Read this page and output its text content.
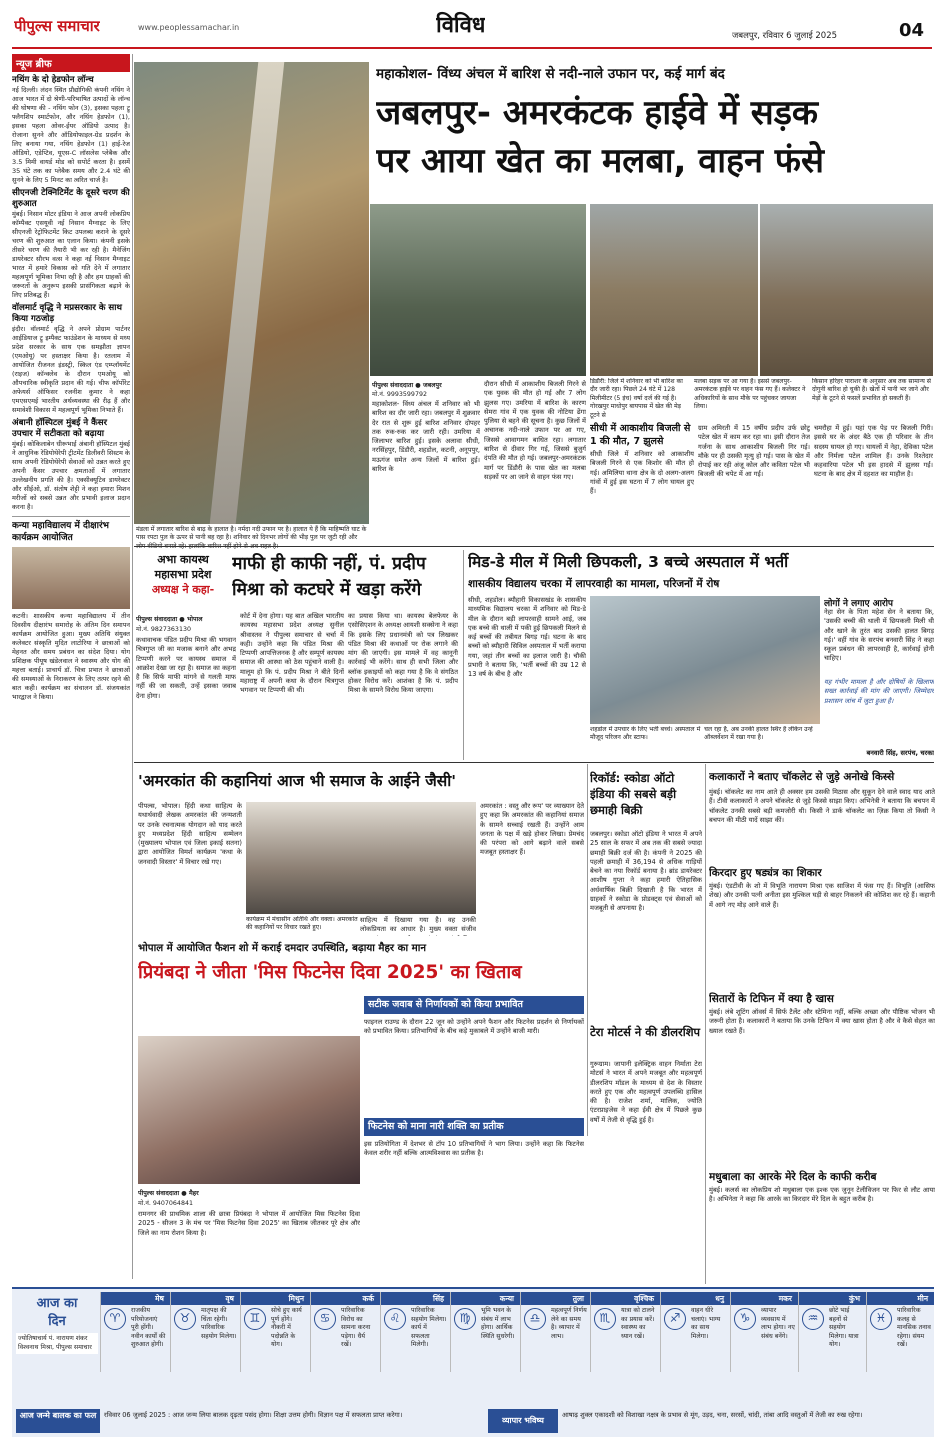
पीपुल्स समाचार	www.peoplessamachar.in	विविध	जबलपुर, रविवार 6 जुलाई 2025	04
न्यूज ब्रीफ
नथिंग के दो हेडफोन लॉन्च
नई दिल्ली। लंदन स्थित प्रौद्योगिकी कंपनी नथिंग ने आज भारत में दो श्रेणी-परिभाषित उत्पादों के लॉन्च की घोषणा की - नथिंग फोन (3), इसका पहला ट्रू फ्लैगशिप स्मार्टफोन, और नथिंग हेडफोन (1), इसका पहला ओवर-ईयर ऑडियो उत्पाद है। रोजाना सुनने और ऑडियोफाइल-ग्रेड प्रदर्शन के लिए बनाया गया, नथिंग हेडफोन (1) हाई-रेज ऑडियो, एडेप्टिव, यूएस-C लॉसलेस प्लेबैक और 3.5 मिमी वायर्ड मोड को सपोर्ट करता है। इसमें 35 घंटे तक का प्लेबैक समय और 2.4 घंटे की सुनने के लिए 5 मिनट का त्वरित चार्ज है।
सीएनजी टेक्निटिमेंट के दूसरे चरण की शुरुआत
मुंबई। निसान मोटर इंडिया ने आज अपनी लोकप्रिय कॉम्पैक्ट एसयूवी नई निसान मैग्नाइट के लिए सीएनजी रेट्रोफिटमेंट किट उपलब्ध कराने के दूसरे चरण की शुरुआत का एलान किया। कंपनी इसके तीसरे चरण की तैयारी भी कर रही है। मैनेजिंग डायरेक्टर सौरभ वत्स ने कहा नई निसान मैग्नाइट भारत में हमारे विकास को गति देने में लगातार महत्वपूर्ण भूमिका निभा रही है और हम ग्राहकों की जरूरतों के अनुरूप इसकी प्रासंगिकता बढ़ाने के लिए प्रतिबद्ध हैं।
वॉलमार्ट वृद्धि ने मप्रसरकार के साथ किया गठजोड़
इंदौर। वॉलमार्ट वृद्धि ने अपने प्रोग्राम पार्टनर आईडियाज ट्रू इम्पैक्ट फाउंडेशन के माध्यम से मध्य प्रदेश सरकार के साथ एक समझौता ज्ञापन (एमओयू) पर हस्ताक्षर किया है। रतलाम में आयोजित रीजनल इंडस्ट्री, स्किल एंड एम्प्लॉयमेंट (राइज) कॉन्क्लेव के दौरान एमओयू को औपचारिक स्वीकृति प्रदान की गई। चीफ कॉर्पोरेट अफेयर्स ऑफिसर रजनीश कुमार ने कहा एमएसएमई भारतीय अर्थव्यवस्था की रीढ़ हैं और समावेशी विकास में महत्वपूर्ण भूमिका निभाते हैं।
अंबानी हॉस्पिटल मुंबई ने कैंसर उपचार में सटीकता को बढ़ाया
मुंबई। कोकिलाबेन धीरूभाई अंबानी हॉस्पिटल मुंबई ने आधुनिक रेडियोथेरेपी ट्रीटमेंट डिलीवरी सिस्टम के साथ अपनी रेडियोथेरेपी सेवाओं को उन्नत करते हुए अपनी कैंसर उपचार क्षमताओं में लगातार उल्लेखनीय प्रगति की है। एक्सीक्यूटिव डायरेक्टर और सीईओ, डॉ. संतोष शेट्टी ने कहा हमारा मिशन मरीजों को सबसे उन्नत और प्रभावी इलाज प्रदान करना है।
कन्या महाविद्यालय में दीक्षारंभ कार्यक्रम आयोजित
कटनी। शासकीय कन्या महाविद्यालय में तीन दिवसीय दीक्षारंभ समारोह के अंतिम दिन समापन कार्यक्रम आयोजित हुआ। मुख्य अतिथि संयुक्त कलेक्टर संस्कृति मुदित लाटोरिया ने छात्राओं को मेहनत और समय प्रबंधन का संदेश दिया। योग प्रशिक्षक पीयूष खंडेलवाल ने स्वास्थ्य और योग की महत्ता बताई। प्राचार्य डॉ. चित्रा प्रभात ने छात्राओं की समस्याओं के निराकरण के लिए तत्पर रहने की बात कही। कार्यक्रम का संचालन डॉ. संजयकांत भारद्वाज ने किया।
महाकोशल- विंध्य अंचल में बारिश से नदी-नाले उफान पर, कई मार्ग बंद
जबलपुर- अमरकंटक हाईवे में सड़क
पर आया खेत का मलबा, वाहन फंसे
मंडला में लगातार बारिश से बाढ़ के हालात है। नर्मदा नदी उफान पर है। हालात ये हैं कि माहिष्मति घाट के पास रपटा पुल के ऊपर से पानी बह रहा है। शनिवार को दिनभर लोगों की भीड़ पुल पर जुटी रही और
पीपुल्स संवाददाता ● जबलपुर
मो.नं. 9993599792
डिंडौरी: जिले में शनिवार को भी बारिश का दौर जारी रहा। पिछले 24 घंटे में 128 मिलीमीटर (5 इंच) वर्षा दर्ज की गई है। गोरखपुर माधोपुर बायपास में खेत की मेड़ टूटने से
मलबा सड़क पर आ गया है। इससे जबलपुर-अमरकंटक हाईवे पर वाहन फंस गए हैं। कलेक्टर ने अधिकारियों के साथ मौके पर पहुंचकर जायजा लिया।
किसान हरिहर पाराशर के अनुसार अब तक सामान्य से दोगुनी बारिश हो चुकी है। खेतों में पानी भर जाने और मेड़ों के टूटने से फसलें प्रभावित हो सकती हैं।
महाकोशल- विंध्य अंचल में शनिवार को भी बारिश का दौर जारी रहा। जबलपुर में शुक्रवार देर रात से शुरू हुई बारिश शनिवार दोपहर तक रुक-रुक कर जारी रही। उमरिया में जिलाभर बारिश हुई। इसके अलावा सीधी, नरसिंहपुर, डिंडौरी, शहडोल, कटनी, अनूपपुर, मऊगंज समेत अन्य जिलों में बारिश हुई। बारिश के
दौरान सीधी में आकाशीय बिजली गिरने से एक युवक की मौत हो गई और 7 लोग झुलस गए। उमरिया में बारिश के कारण सेमरा गांव में एक युवक की नोटिया ढेंगा पुलिया से बहने की सूचना है। कुछ जिलों में अचानक नदी-नाले उफान पर आ गए, जिससे आवागमन बाधित रहा। लगातार बारिश से दीवार गिर गई, जिससे बुजुर्ग दंपति की मौत हो गई। जबलपुर-अमरकंटक मार्ग पर डिंडौरी के पास खेत का मलबा सड़कों पर आ जाने से वाहन फंस गए।
सीधी में आकाशीय बिजली से 1 की मौत, 7 झुलसे
सीधी जिले में शनिवार को आकाशीय बिजली गिरने से एक किशोर की मौत हो गई। अमिलिया थाना क्षेत्र के दो अलग-अलग गांवों में हुई इस घटना में 7 लोग घायल हुए हैं।
ग्राम अमिरती में 15 वर्षीय प्रदीप उर्फ छोटू पटेल खेत में काम कर रहा था। इसी दौरान तेज गर्जना के साथ आकाशीय बिजली गिर गई। मौके पर ही उसकी मृत्यु हो गई। पास के खेत में रोपाई कर रही अंजू कोल और कविता पटेल भी बिजली की चपेट में आ गईं।
चमरौहा में हुई। यहां एक पेड़ पर बिजली गिरी। इससे घर के अंदर बैठे एक ही परिवार के तीन सदस्य घायल हो गए। घायलों में नेहा, देविका पटेल और निर्मला पटेल शामिल हैं। उनके रिश्तेदार कहवारिया पटेल भी इस हादसे में झुलस गईं। घटना के बाद क्षेत्र में दहशत का माहौल है।
अभा कायस्थ
महासभा प्रदेश
अध्यक्ष ने कहा-
माफी ही काफी नहीं, पं. प्रदीप
मिश्रा को कटघरे में खड़ा करेंगे
पीपुल्स संवाददाता ● भोपाल
मो.नं. 9827363130
कथावाचक पंडित प्रदीप मिश्रा की भगवान चित्रगुप्त जी का मजाक बनाने और अभद्र टिप्पणी करने पर कायस्थ समाज में आक्रोश देखा जा रहा है। समाज का कहना है कि सिर्फ माफी मांगने से गलती माफ नहीं की जा सकती, उन्हें इसका जवाब देना होगा।
कोर्ट में देना होगा। यह बात अखिल भारतीय कायस्थ महासभा प्रदेश अध्यक्ष सुनील श्रीवास्तव ने पीपुल्स समाचार से चर्चा में कही। उन्होंने कहा कि पंडित मिश्रा की टिप्पणी आपत्तिजनक है और सम्पूर्ण कायस्थ समाज की आस्था को ठेस पहुंचाने वाली है। मालूम हो कि पं. प्रदीप मिश्रा ने बीते दिनों महाराष्ट्र में अपनी कथा के दौरान चित्रगुप्त भगवान पर टिप्पणी की थी।
का प्रयास किया था। कायस्थ बेलफेयर के एसोसिएशन के अध्यक्ष आयशी सक्सेना ने कहा कि इसके लिए प्रधानमंत्री को पत्र लिखकर पंडित मिश्रा की कथाओं पर रोक लगाने की मांग की जाएगी। इस मामले में वह कानूनी कार्रवाई भी करेंगे। साथ ही सभी जिला और ब्लॉक इकाइयों को कहा गया है कि वे संगठित होकर विरोध करें। आशंका है कि पं. प्रदीप मिश्रा के सामने विरोध किया जाएगा।
मिड-डे मील में मिली छिपकली, 3 बच्चे अस्पताल में भर्ती
शासकीय विद्यालय चरका में लापरवाही का मामला, परिजनों में रोष
सीधी, शहडोल। ब्यौहारी विकासखंड के शासकीय माध्यमिक विद्यालय चरका में शनिवार को मिड-डे मील के दौरान बड़ी लापरवाही सामने आई, जब एक बच्चे की थाली में पकी हुई छिपकली मिलने से कई बच्चों की तबीयत बिगड़ गई। घटना के बाद बच्चों को ब्यौहारी सिविल अस्पताल में भर्ती कराया गया, जहां तीन बच्चों का इलाज जारी है। चौकी प्रभारी ने बताया कि, 'भर्ती बच्चों की उम्र 12 से 13 वर्ष के बीच है और
शहडोल में उपचार के लिए भर्ती बच्चे। अस्पताल में मौजूद परिजन और स्टाफ।
चल रहा है, अब उनकी हालत स्थिर है लेकिन उन्हें ऑब्जर्वेशन में रखा गया है।
लोगों ने लगाए आरोप
नेहा सेन के पिता महेश सेन ने बताया कि, 'उसकी बच्ची की थाली में छिपकली मिली थी और खाने के तुरंत बाद उसकी हालत बिगड़ गई।' वहीं गांव के सरपंच बनवारी सिंह ने कहा स्कूल प्रबंधन की लापरवाही है, कार्रवाई होनी चाहिए।
यह गंभीर मामला है और दोषियों के खिलाफ सख्त कार्रवाई की मांग की जाएगी। जिम्मेदार प्रशासन जांच में जुटा हुआ है।
बनवारी सिंह, सरपंच, चरका
'अमरकांत की कहानियां आज भी समाज के आईने जैसी'
पीपल्स, भोपाल। हिंदी कथा साहित्य के यथार्थवादी लेखक अमरकांत की जन्मशती पर उनके रचनात्मक योगदान को याद करते हुए मध्यप्रदेश हिंदी साहित्य सम्मेलन (मुख्यालय भोपाल एवं जिला इकाई सतना) द्वारा आयोजित विमर्श कार्यक्रम 'कथा के जनवादी विस्तार' में विचार रखे गए।
कार्यक्रम में मंचासीन अतिथि और वक्ता। अमरकांत की कहानियों पर विचार रखते हुए।
साहित्य में दिखाया गया है। वह उनकी लोकप्रियता का आधार है। मुख्य वक्ता संजीव
अमरकांत : वस्तु और रूप' पर व्याख्यान देते हुए कहा कि अमरकांत की कहानियां समाज के सामने सच्चाई रखती हैं। उन्होंने आम जनता के पक्ष में खड़े होकर लिखा। प्रेमचंद की परंपरा को आगे बढ़ाने वाले सबसे मजबूत हस्ताक्षर हैं।
रिकॉर्ड: स्कोडा ऑटो इंडिया की सबसे बड़ी छमाही बिक्री
जबलपुर। स्कोडा ऑटो इंडिया ने भारत में अपने 25 साल के सफर में अब तक की सबसे ज्यादा छमाही बिक्री दर्ज की है। कंपनी ने 2025 की पहली छमाही में 36,194 से अधिक गाड़ियों बेचने का नया रिकॉर्ड बनाया है। ब्रांड डायरेक्टर आशीष गुप्ता ने कहा हमारी ऐतिहासिक अर्धवार्षिक बिक्री दिखाती है कि भारत में ग्राहकों ने स्कोडा के प्रोडक्ट्स एवं सेवाओं को मजबूती से अपनाया है।
टेरा मोटर्स ने की डीलरशिप
गुरूग्राम। जापानी इलेक्ट्रिक वाहन निर्माता टेरा मोटर्स ने भारत में अपने मजबूत और महत्वपूर्ण डीलरशिप मॉडल के माध्यम से देश के विस्तार करते हुए एक और महत्वपूर्ण उपलब्धि हासिल की है। राजेश शर्मा, मालिक, ज्योति एंटरप्राइजेस ने कहा ईवी क्षेत्र में पिछले कुछ वर्षों में तेजी से वृद्धि हुई है।
कलाकारों ने बताए चॉकलेट से जुड़े अनोखे किस्से
मुंबई। चॉकलेट का नाम आते ही अक्सर हम उसकी मिठास और सुकून देने वाले स्वाद याद आते हैं। टीवी कलाकारों ने अपने चॉकलेट से जुड़े किस्से साझा किए। अभिनेत्री ने बताया कि बचपन में चॉकलेट उनकी सबसे बड़ी कमजोरी थी। किसी ने डार्क चॉकलेट का ज़िक्र किया तो किसी ने बचपन की मीठी यादें साझा कीं।
किरदार हुए षड्यंत्र का शिकार
मुंबई। एंडटीवी के शो में विभूति नारायण मिश्रा एक साजिश में फंस गए हैं। विभूति (आसिफ शेख) और उनकी पत्नी अनीता इस मुश्किल घड़ी से बाहर निकलने की कोशिश कर रहे हैं। कहानी में आगे नए मोड़ आने वाले हैं।
सितारों के टिफिन में क्या है खास
मुंबई। लंबे शूटिंग ऑवर्स में सिर्फ टैलेंट और स्टेमिना नहीं, बल्कि अच्छा और पौष्टिक भोजन भी जरूरी होता है। कलाकारों ने बताया कि उनके टिफिन में क्या खास होता है और वे कैसे सेहत का ख्याल रखते हैं।
मधुबाला का आरके मेरे दिल के काफी करीब
मुंबई। कलर्स का लोकप्रिय शो मधुबाला एक इश्क एक जुनून टेलीविजन पर फिर से लौट आया है। अभिनेता ने कहा कि आरके का किरदार मेरे दिल के बहुत करीब है।
भोपाल में आयोजित फैशन शो में कराई दमदार उपस्थिति, बढ़ाया मैहर का मान
प्रियंबदा ने जीता 'मिस फिटनेस दिवा 2025' का खिताब
पीपुल्स संवाददाता ● मैहर
मो.नं. 9407064841
रामनगर की प्राथमिक शाला की छात्रा प्रियंबदा ने भोपाल में आयोजित मिस फिटनेस दिवा 2025 - सीजन 3 के मंच पर 'मिस फिटनेस दिवा 2025' का खिताब जीतकर पूरे क्षेत्र और जिले का नाम रोशन किया है।
सटीक जवाब से निर्णायकों को किया प्रभावित
फाइनल राउण्ड के दौरान 22 जून को उन्होंने अपने फैशन और फिटनेस प्रदर्शन से निर्णायकों को प्रभावित किया। प्रतिभागियों के बीच कड़े मुकाबले में उन्होंने बाजी मारी।
फिटनेस को माना नारी शक्ति का प्रतीक
इस प्रतियोगिता में देशभर से टॉप 10 प्रतिभागियों ने भाग लिया। उन्होंने कहा कि फिटनेस केवल शरीर नहीं बल्कि आत्मविश्वास का प्रतीक है।
आज का
दिन
ज्योतिषाचार्य पं. नारायण शंकर विश्वनाथ मिश्रा, पीपुल्स समाचार
आज जन्मे बालक का फल	रविवार 06 जुलाई 2025 : आज जन्म लिया बालक दृढ़ता पसंद होगा। शिक्षा उत्तम होगी। विज्ञान पक्ष में सफलता प्राप्त करेगा।
व्यापार भविष्य
आषाढ़ शुक्ल एकादशी को विशाखा नक्षत्र के प्रभाव से मूंग, उड़द, चना, सरसों, चांदी, तांबा आदि वस्तुओं में तेजी का रुख रहेगा।
मेष
♈
राजकीय परियोजनाएं पूरी होंगी। नवीन कार्यों की शुरुआत होगी।
वृष
♉
मातृपक्ष की चिंता रहेगी। पारिवारिक सहयोग मिलेगा।
मिथुन
♊
सोचे हुए कार्य पूर्ण होंगे। नौकरी में पदोन्नति के योग।
कर्क
♋
पारिवारिक विरोध का सामना करना पड़ेगा। धैर्य रखें।
सिंह
♌
पारिवारिक सहयोग मिलेगा। कार्य में सफलता मिलेगी।
कन्या
♍
भूमि भवन के संबंध में लाभ होगा। आर्थिक स्थिति सुधरेगी।
तुला
♎
महत्वपूर्ण निर्णय लेने का समय है। व्यापार में लाभ।
वृश्चिक
♏
यात्रा को टालने का प्रयास करें। स्वास्थ्य का ध्यान रखें।
धनु
♐
वाहन धीरे चलाएं। भाग्य का साथ मिलेगा।
मकर
♑
व्यापार व्यवसाय में लाभ होगा। नए संबंध बनेंगे।
कुंभ
♒
छोटे भाई बहनों से सहयोग मिलेगा। यात्रा योग।
मीन
♓
पारिवारिक कलह से मानसिक तनाव रहेगा। संयम रखें।
